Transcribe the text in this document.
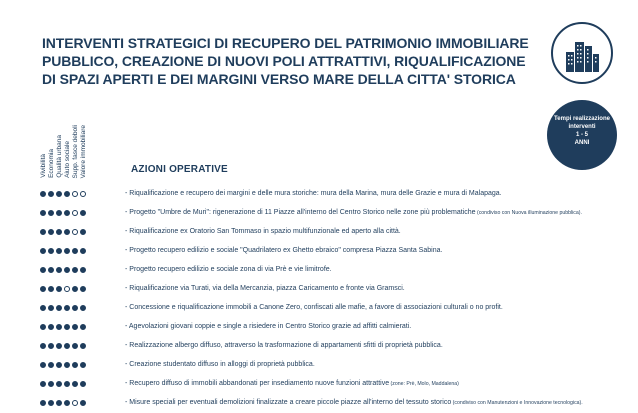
INTERVENTI STRATEGICI DI RECUPERO DEL PATRIMONIO IMMOBILIARE
PUBBLICO, CREAZIONE DI NUOVI POLI ATTRATTIVI, RIQUALIFICAZIONE
DI SPAZI APERTI E DEI MARGINI VERSO MARE DELLA CITTA' STORICA
Tempi realizzazione
interventi
1 - 5
ANNI
Vivibilità Economia Qualità urbana Aiuto sociale Supp. fasce deboli Valore immobiliare	AZIONI OPERATIVE
- Riqualificazione e recupero dei margini e delle mura storiche: mura della Marina, mura delle Grazie e mura di Malapaga.
- Progetto "Umbre de Muri": rigenerazione di 11 Piazze all'interno del Centro Storico nelle zone più problematiche (condiviso con Nuova illuminazione pubblica).
- Riqualificazione ex Oratorio San Tommaso in spazio multifunzionale ed aperto alla città.
- Progetto recupero edilizio e sociale "Quadrilatero ex Ghetto ebraico" compresa Piazza Santa Sabina.
- Progetto recupero edilizio e sociale zona di via Prè e vie limitrofe.
- Riqualificazione via Turati, via della Mercanzia, piazza Caricamento e fronte via Gramsci.
- Concessione e riqualificazione immobili a Canone Zero, confiscati alle mafie, a favore di associazioni culturali o no profit.
- Agevolazioni giovani coppie e single a risiedere in Centro Storico grazie ad affitti calmierati.
- Realizzazione albergo diffuso, attraverso la trasformazione di appartamenti sfitti di proprietà pubblica.
- Creazione studentato diffuso in alloggi di proprietà pubblica.
- Recupero diffuso di immobili abbandonati per insediamento nuove funzioni attrattive (zone: Prè, Molo, Maddalena)
- Misure speciali per eventuali demolizioni finalizzate a creare piccole piazze all'interno del tessuto storico (condiviso con Manutenzioni e Innovazione tecnologica).
